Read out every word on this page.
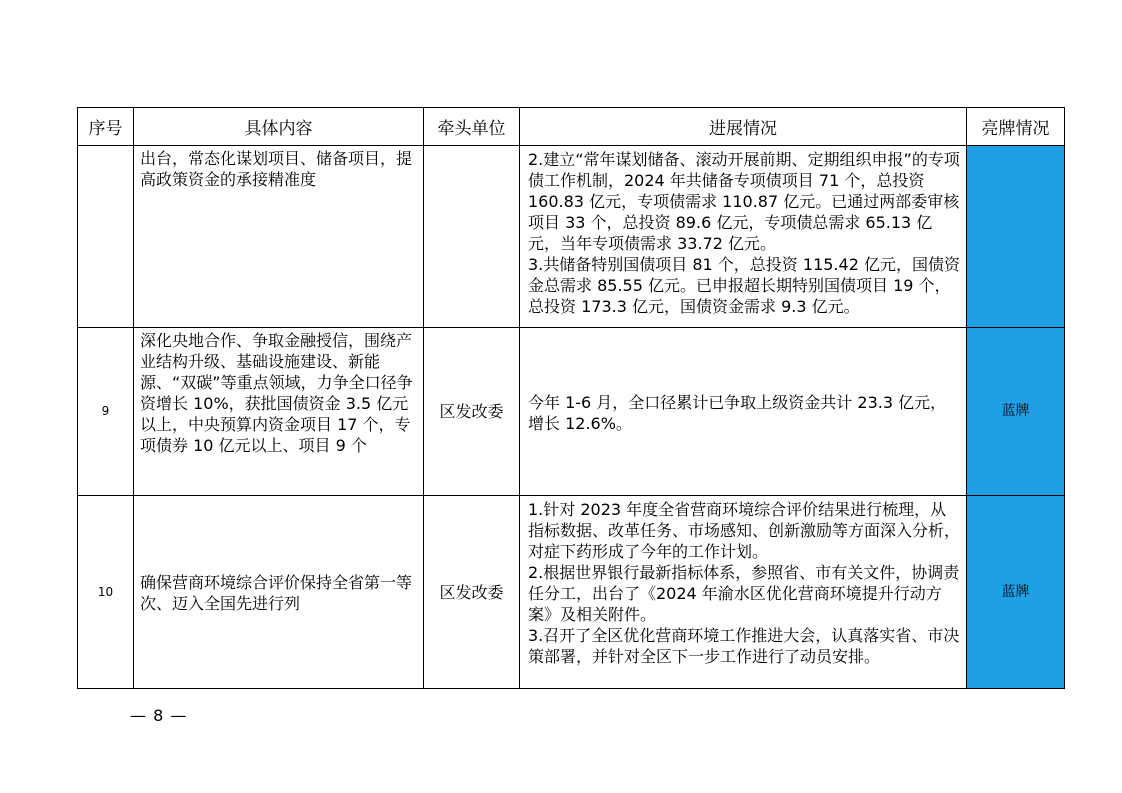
序号	具体内容	牵头单位	进展情况	亮牌情况
	出台，常态化谋划项目、储备项目，提高政策资金的承接精准度		2.建立“常年谋划储备、滚动开展前期、定期组织申报”的专项债工作机制，2024 年共储备专项债项目 71 个，总投资 160.83 亿元，专项债需求 110.87 亿元。已通过两部委审核项目 33 个，总投资 89.6 亿元，专项债总需求 65.13 亿元，当年专项债需求 33.72 亿元。
3.共储备特别国债项目 81 个，总投资 115.42 亿元，国债资金总需求 85.55 亿元。已申报超长期特别国债项目 19 个，总投资 173.3 亿元，国债资金需求 9.3 亿元。	

9	深化央地合作、争取金融授信，围绕产业结构升级、基础设施建设、新能源、“双碳”等重点领域，力争全口径争资增长 10%，获批国债资金 3.5 亿元以上，中央预算内资金项目 17 个，专项债券 10 亿元以上、项目 9 个	区发改委	今年 1-6 月，全口径累计已争取上级资金共计 23.3 亿元，增长 12.6%。	蓝牌
10	确保营商环境综合评价保持全省第一等次、迈入全国先进行列	区发改委	1.针对 2023 年度全省营商环境综合评价结果进行梳理，从指标数据、改革任务、市场感知、创新激励等方面深入分析，对症下药形成了今年的工作计划。
2.根据世界银行最新指标体系，参照省、市有关文件，协调责任分工，出台了《2024 年渝水区优化营商环境提升行动方案》及相关附件。
3.召开了全区优化营商环境工作推进大会，认真落实省、市决策部署，并针对全区下一步工作进行了动员安排。	蓝牌
— 8 —
